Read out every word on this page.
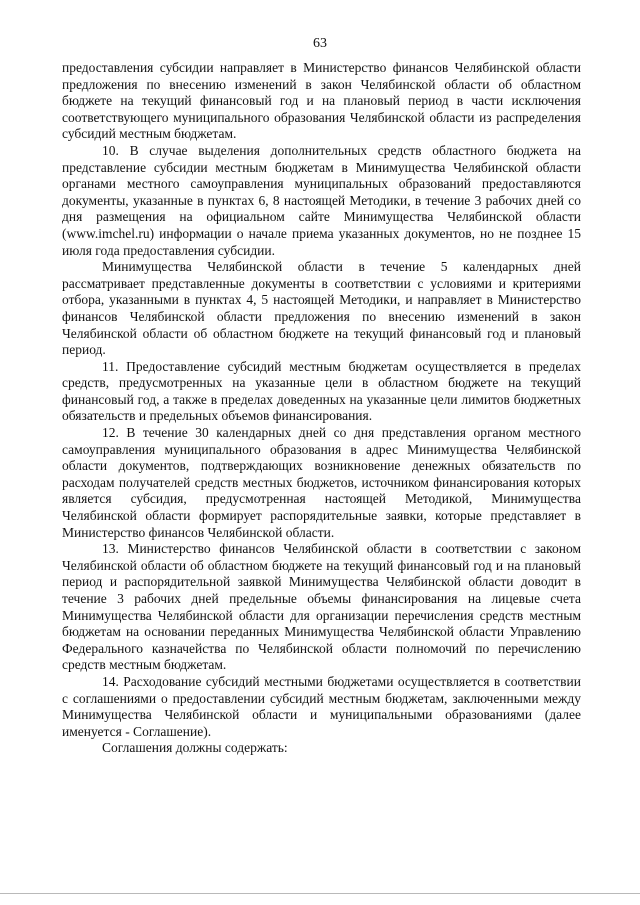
63

предоставления субсидии направляет в Министерство финансов Челябинской области предложения по внесению изменений в закон Челябинской области об областном бюджете на текущий финансовый год и на плановый период в части исключения соответствующего муниципального образования Челябинской области из распределения субсидий местным бюджетам.

10. В случае выделения дополнительных средств областного бюджета на представление субсидии местным бюджетам в Минимущества Челябинской области органами местного самоуправления муниципальных образований предоставляются документы, указанные в пунктах 6, 8 настоящей Методики, в течение 3 рабочих дней со дня размещения на официальном сайте Минимущества Челябинской области (www.imchel.ru) информации о начале приема указанных документов, но не позднее 15 июля года предоставления субсидии.

Минимущества Челябинской области в течение 5 календарных дней рассматривает представленные документы в соответствии с условиями и критериями отбора, указанными в пунктах 4, 5 настоящей Методики, и направляет в Министерство финансов Челябинской области предложения по внесению изменений в закон Челябинской области об областном бюджете на текущий финансовый год и плановый период.

11. Предоставление субсидий местным бюджетам осуществляется в пределах средств, предусмотренных на указанные цели в областном бюджете на текущий финансовый год, а также в пределах доведенных на указанные цели лимитов бюджетных обязательств и предельных объемов финансирования.

12. В течение 30 календарных дней со дня представления органом местного самоуправления муниципального образования в адрес Минимущества Челябинской области документов, подтверждающих возникновение денежных обязательств по расходам получателей средств местных бюджетов, источником финансирования которых является субсидия, предусмотренная настоящей Методикой, Минимущества Челябинской области формирует распорядительные заявки, которые представляет в Министерство финансов Челябинской области.

13. Министерство финансов Челябинской области в соответствии с законом Челябинской области об областном бюджете на текущий финансовый год и на плановый период и распорядительной заявкой Минимущества Челябинской области доводит в течение 3 рабочих дней предельные объемы финансирования на лицевые счета Минимущества Челябинской области для организации перечисления средств местным бюджетам на основании переданных Минимущества Челябинской области Управлению Федерального казначейства по Челябинской области полномочий по перечислению средств местным бюджетам.

14. Расходование субсидий местными бюджетами осуществляется в соответствии с соглашениями о предоставлении субсидий местным бюджетам, заключенными между Минимущества Челябинской области и муниципальными образованиями (далее именуется - Соглашение).

Соглашения должны содержать:
